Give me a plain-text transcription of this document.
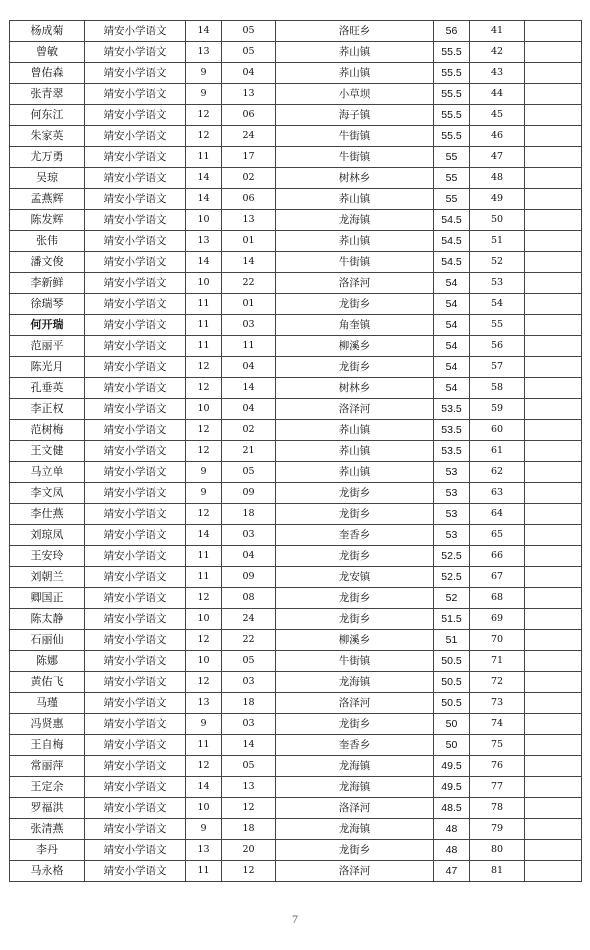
杨成菊	靖安小学语文	14	05	洛旺乡	56	41	
曾敏	靖安小学语文	13	05	荞山镇	55.5	42	
曾佑森	靖安小学语文	9	04	荞山镇	55.5	43	
张青翠	靖安小学语文	9	13	小草坝	55.5	44	
何东江	靖安小学语文	12	06	海子镇	55.5	45	
朱家英	靖安小学语文	12	24	牛街镇	55.5	46	
尤万勇	靖安小学语文	11	17	牛街镇	55	47	
吴琼	靖安小学语文	14	02	树林乡	55	48	
孟燕辉	靖安小学语文	14	06	荞山镇	55	49	
陈发辉	靖安小学语文	10	13	龙海镇	54.5	50	
张伟	靖安小学语文	13	01	荞山镇	54.5	51	
潘文俊	靖安小学语文	14	14	牛街镇	54.5	52	
李新鲜	靖安小学语文	10	22	洛泽河	54	53	
徐瑞琴	靖安小学语文	11	01	龙街乡	54	54	
何开瑞	靖安小学语文	11	03	角奎镇	54	55	
范丽平	靖安小学语文	11	11	柳溪乡	54	56	
陈光月	靖安小学语文	12	04	龙街乡	54	57	
孔垂英	靖安小学语文	12	14	树林乡	54	58	
李正权	靖安小学语文	10	04	洛泽河	53.5	59	
范树梅	靖安小学语文	12	02	荞山镇	53.5	60	
王文健	靖安小学语文	12	21	荞山镇	53.5	61	
马立单	靖安小学语文	9	05	荞山镇	53	62	
李文凤	靖安小学语文	9	09	龙街乡	53	63	
李仕燕	靖安小学语文	12	18	龙街乡	53	64	
刘琼凤	靖安小学语文	14	03	奎香乡	53	65	
王安玲	靖安小学语文	11	04	龙街乡	52.5	66	
刘朝兰	靖安小学语文	11	09	龙安镇	52.5	67	
卿国正	靖安小学语文	12	08	龙街乡	52	68	
陈太静	靖安小学语文	10	24	龙街乡	51.5	69	
石丽仙	靖安小学语文	12	22	柳溪乡	51	70	
陈娜	靖安小学语文	10	05	牛街镇	50.5	71	
黄佑飞	靖安小学语文	12	03	龙海镇	50.5	72	
马瑾	靖安小学语文	13	18	洛泽河	50.5	73	
冯贤惠	靖安小学语文	9	03	龙街乡	50	74	
王自梅	靖安小学语文	11	14	奎香乡	50	75	
常丽萍	靖安小学语文	12	05	龙海镇	49.5	76	
王定余	靖安小学语文	14	13	龙海镇	49.5	77	
罗福洪	靖安小学语文	10	12	洛泽河	48.5	78	
张清燕	靖安小学语文	9	18	龙海镇	48	79	
李丹	靖安小学语文	13	20	龙街乡	48	80	
马永格	靖安小学语文	11	12	洛泽河	47	81	
7
